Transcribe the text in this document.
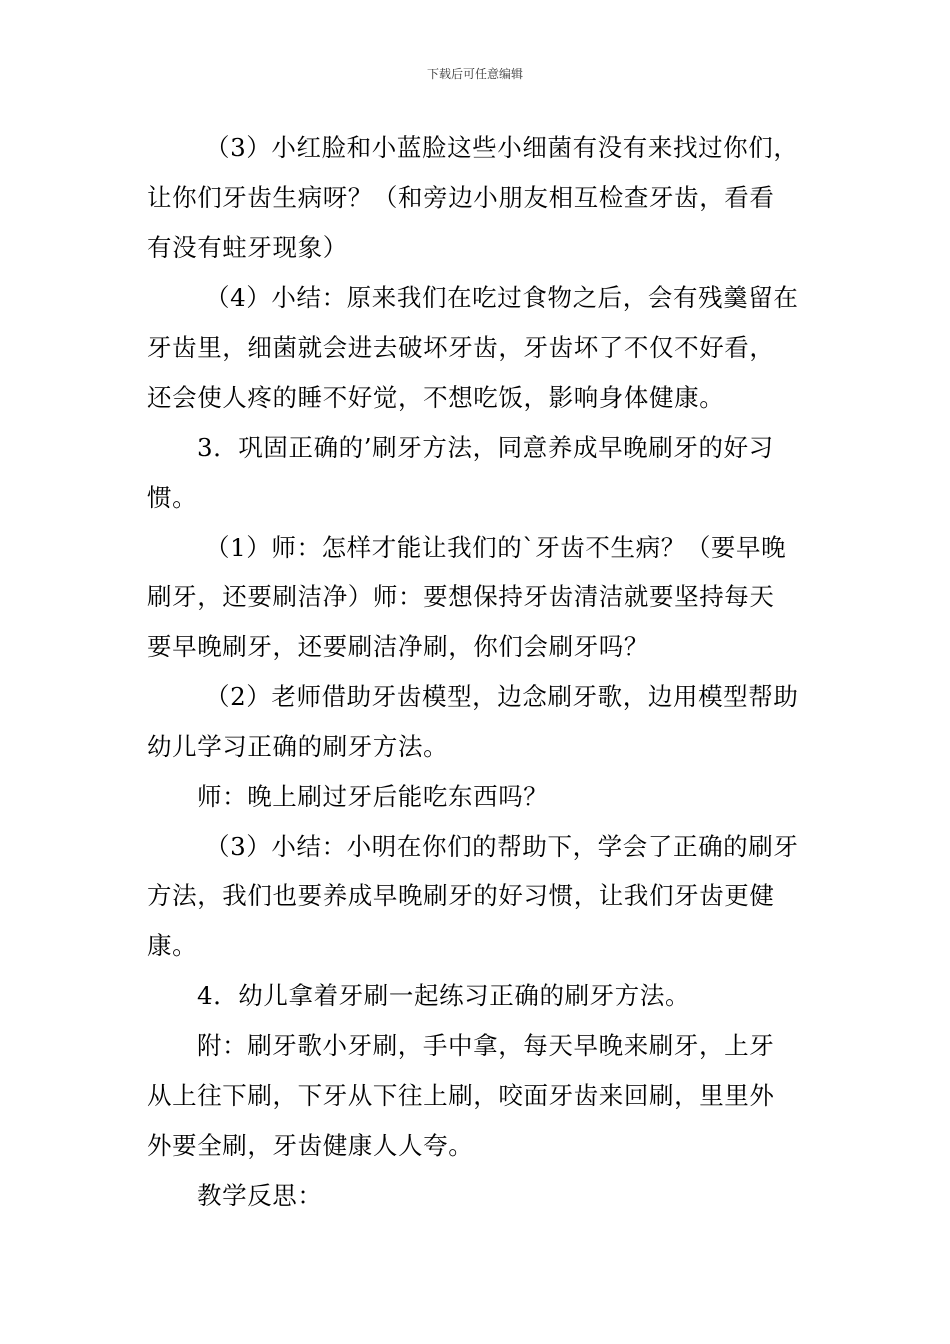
下载后可任意编辑
（3）小红脸和小蓝脸这些小细菌有没有来找过你们，
让你们牙齿生病呀？（和旁边小朋友相互检查牙齿，看看
有没有蛀牙现象）
（4）小结：原来我们在吃过食物之后，会有残羹留在
牙齿里，细菌就会进去破坏牙齿，牙齿坏了不仅不好看，
还会使人疼的睡不好觉，不想吃饭，影响身体健康。
3．巩固正确的’刷牙方法，同意养成早晚刷牙的好习
惯。
（1）师：怎样才能让我们的`牙齿不生病？（要早晚
刷牙，还要刷洁净）师：要想保持牙齿清洁就要坚持每天
要早晚刷牙，还要刷洁净刷，你们会刷牙吗？
（2）老师借助牙齿模型，边念刷牙歌，边用模型帮助
幼儿学习正确的刷牙方法。
师：晚上刷过牙后能吃东西吗？
（3）小结：小明在你们的帮助下，学会了正确的刷牙
方法，我们也要养成早晚刷牙的好习惯，让我们牙齿更健
康。
4．幼儿拿着牙刷一起练习正确的刷牙方法。
附：刷牙歌小牙刷，手中拿，每天早晚来刷牙，上牙
从上往下刷，下牙从下往上刷，咬面牙齿来回刷，里里外
外要全刷，牙齿健康人人夸。
教学反思：
